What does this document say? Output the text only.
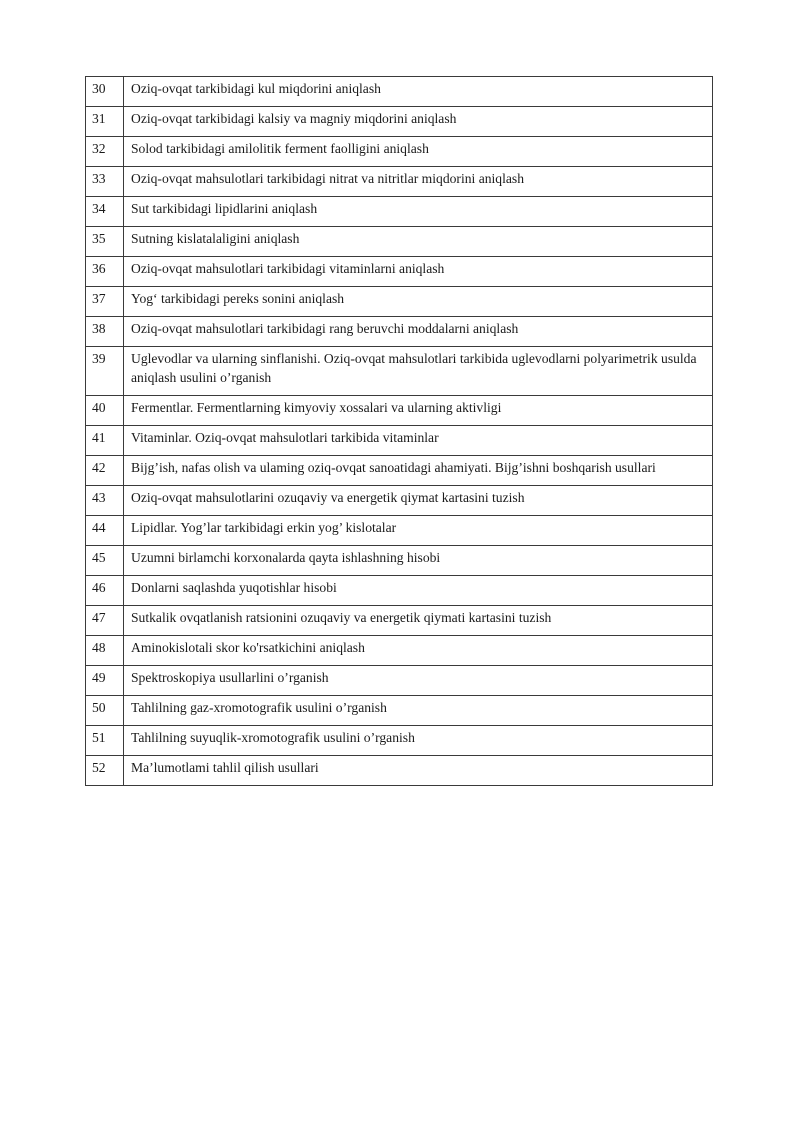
30	Oziq-ovqat tarkibidagi kul miqdorini aniqlash
31	Oziq-ovqat tarkibidagi kalsiy va magniy miqdorini aniqlash
32	Solod tarkibidagi amilolitik ferment faolligini aniqlash
33	Oziq-ovqat mahsulotlari tarkibidagi nitrat va nitritlar miqdorini aniqlash
34	Sut tarkibidagi lipidlarini aniqlash
35	Sutning kislatalaligini aniqlash
36	Oziq-ovqat mahsulotlari tarkibidagi vitaminlarni aniqlash
37	Yog‘ tarkibidagi pereks sonini aniqlash
38	Oziq-ovqat mahsulotlari tarkibidagi rang beruvchi moddalarni aniqlash
39	Uglevodlar va ularning sinflanishi. Oziq-ovqat mahsulotlari tarkibida uglevodlarni polyarimetrik usulda aniqlash usulini o’rganish
40	Fermentlar. Fermentlarning kimyoviy xossalari va ularning aktivligi
41	Vitaminlar. Oziq-ovqat mahsulotlari tarkibida vitaminlar
42	Bijg’ish, nafas olish va ulaming oziq-ovqat sanoatidagi ahamiyati. Bijg’ishni boshqarish usullari
43	Oziq-ovqat mahsulotlarini ozuqaviy va energetik qiymat kartasini tuzish
44	Lipidlar. Yog’lar tarkibidagi erkin yog’ kislotalar
45	Uzumni birlamchi korxonalarda qayta ishlashning hisobi
46	Donlarni saqlashda yuqotishlar hisobi
47	Sutkalik ovqatlanish ratsionini ozuqaviy va energetik qiymati kartasini tuzish
48	Aminokislotali skor ko'rsatkichini aniqlash
49	Spektroskopiya usullarlini o’rganish
50	Tahlilning gaz-xromotografik usulini o’rganish
51	Tahlilning suyuqlik-xromotografik usulini o’rganish
52	Ma’lumotlami tahlil qilish usullari
